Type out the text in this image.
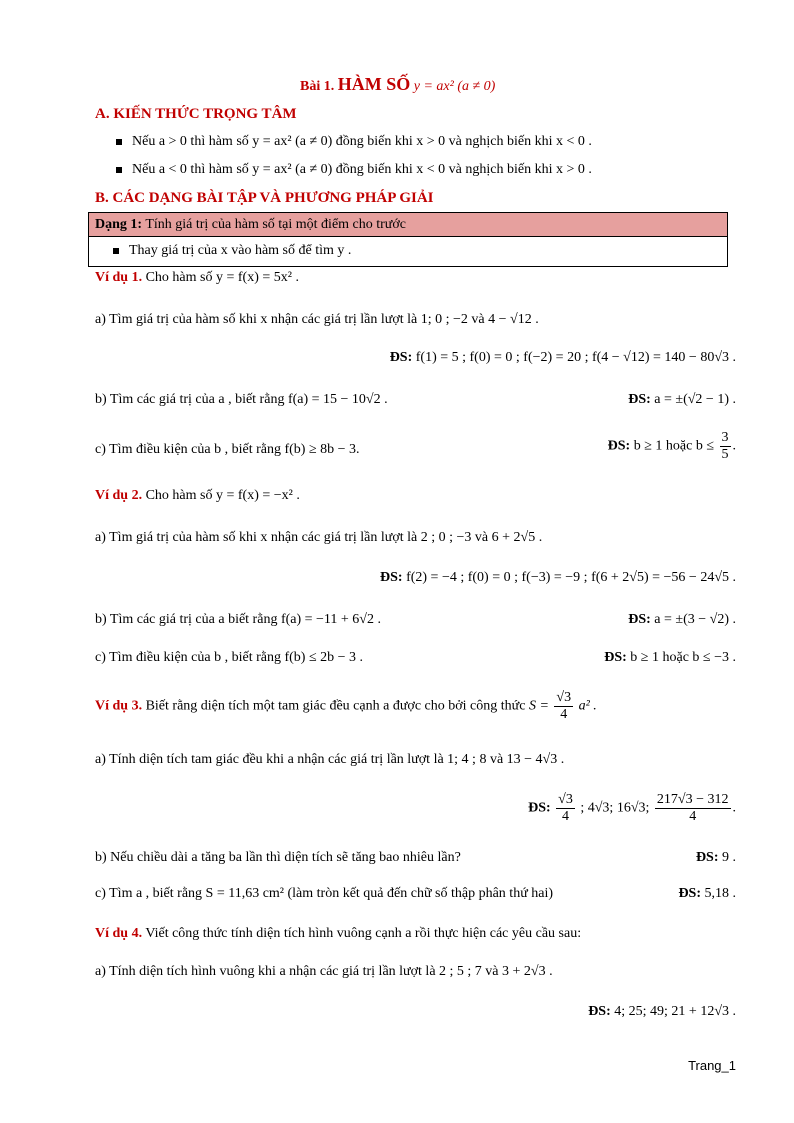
Bài 1. HÀM SỐ y = ax² (a ≠ 0)
A. KIẾN THỨC TRỌNG TÂM
Nếu a > 0 thì hàm số y = ax² (a ≠ 0) đồng biến khi x > 0 và nghịch biến khi x < 0 .
Nếu a < 0 thì hàm số y = ax² (a ≠ 0) đồng biến khi x < 0 và nghịch biến khi x > 0 .
B. CÁC DẠNG BÀI TẬP VÀ PHƯƠNG PHÁP GIẢI
Dạng 1: Tính giá trị của hàm số tại một điểm cho trước
Thay giá trị của x vào hàm số để tìm y .
Ví dụ 1. Cho hàm số y = f(x) = 5x² .
a) Tìm giá trị của hàm số khi x nhận các giá trị lần lượt là 1; 0 ; −2 và 4 − √12 .
ĐS: f(1) = 5 ; f(0) = 0 ; f(−2) = 20 ; f(4 − √12) = 140 − 80√3 .
b) Tìm các giá trị của a , biết rằng f(a) = 15 − 10√2 .	ĐS: a = ±(√2 − 1) .
c) Tìm điều kiện của b , biết rằng f(b) ≥ 8b − 3.	ĐS: b ≥ 1 hoặc $b \le \frac{3}{5}$ .
Ví dụ 2. Cho hàm số y = f(x) = −x² .
a) Tìm giá trị của hàm số khi x nhận các giá trị lần lượt là 2 ; 0 ; −3 và 6 + 2√5 .
ĐS: f(2) = −4 ; f(0) = 0 ; f(−3) = −9 ; f(6 + 2√5) = −56 − 24√5 .
b) Tìm các giá trị của a biết rằng f(a) = −11 + 6√2 .	ĐS: a = ±(3 − √2) .
c) Tìm điều kiện của b , biết rằng f(b) ≤ 2b − 3 .	ĐS: b ≥ 1 hoặc b ≤ −3 .
Ví dụ 3. Biết rằng diện tích một tam giác đều cạnh a được cho bởi công thức $S = \frac{√3}{4} a^2$ .
a) Tính diện tích tam giác đều khi a nhận các giá trị lần lượt là 1; 4 ; 8 và 13 − 4√3 .
ĐS: $\frac{√3}{4}$ ; 4√3; 16√3; $\frac{217√3 - 312}{4}$ .
b) Nếu chiều dài a tăng ba lần thì diện tích sẽ tăng bao nhiêu lần?	ĐS: 9 .
c) Tìm a , biết rằng S = 11,63 cm² (làm tròn kết quả đến chữ số thập phân thứ hai)	ĐS: 5,18 .
Ví dụ 4. Viết công thức tính diện tích hình vuông cạnh a rồi thực hiện các yêu cầu sau:
a) Tính diện tích hình vuông khi a nhận các giá trị lần lượt là 2 ; 5 ; 7 và 3 + 2√3 .
ĐS: 4; 25; 49; 21 + 12√3 .
Trang_1
